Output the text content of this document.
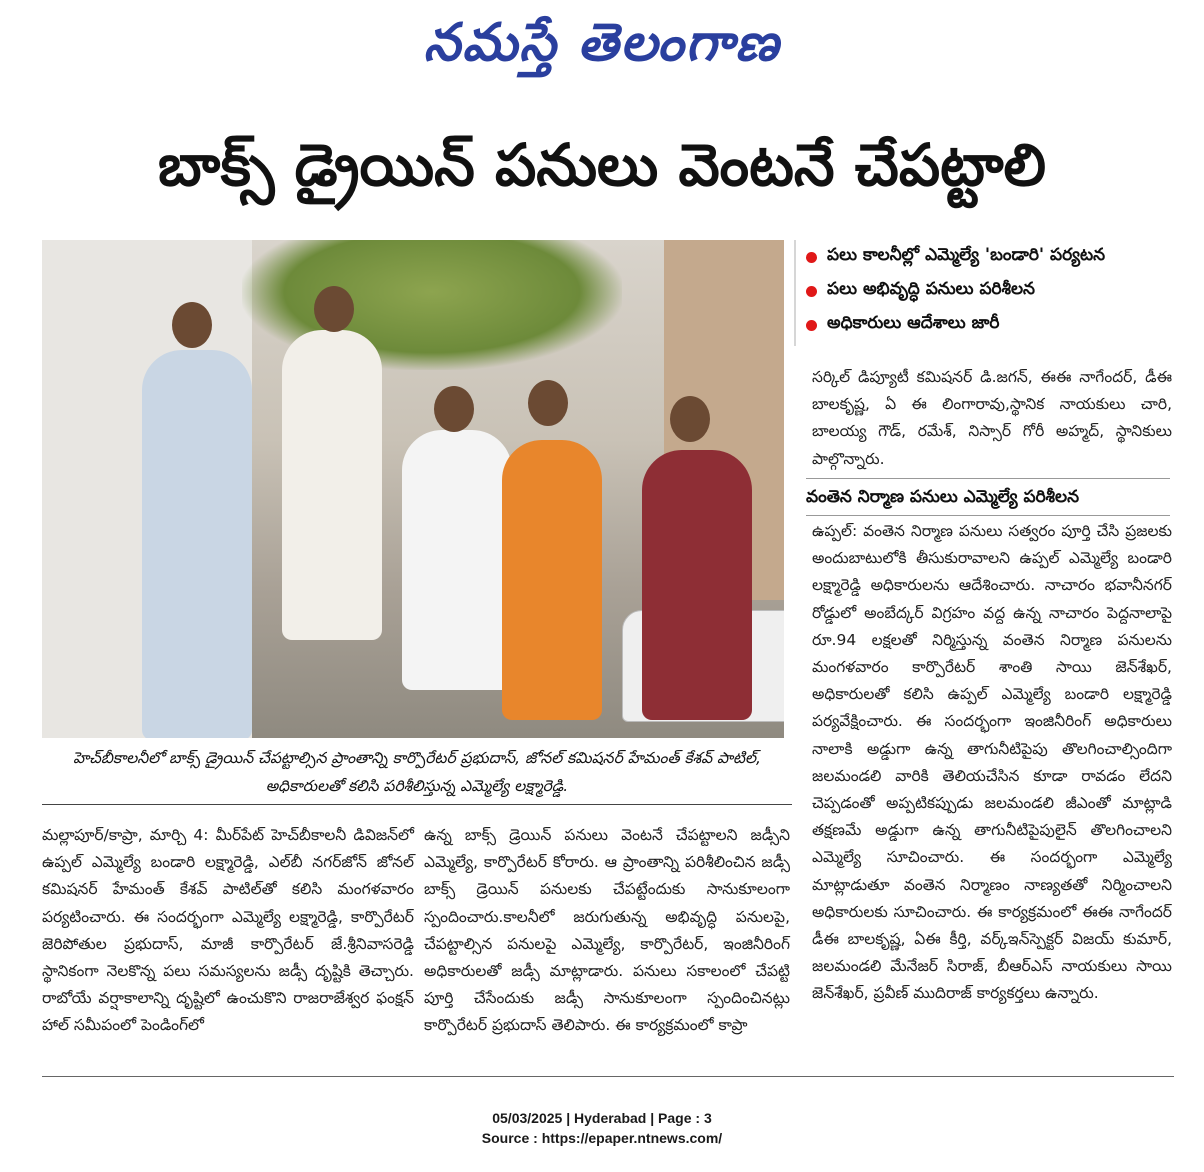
నమస్తే తెలంగాణ
బాక్స్ డ్రైయిన్ పనులు వెంటనే చేపట్టాలి
పలు కాలనీల్లో ఎమ్మెల్యే 'బండారి' పర్యటన
పలు అభివృద్ధి పనులు పరిశీలన
అధికారులు ఆదేశాలు జారీ
సర్కిల్ డిప్యూటీ కమిషనర్ డి.జగన్, ఈఈ నాగేందర్, డీఈ బాలకృష్ణ, ఏ ఈ లింగారావు,స్థానిక నాయకులు చారి, బాలయ్య గౌడ్, రమేశ్, నిస్సార్ గోరీ అహ్మద్, స్థానికులు పాల్గొన్నారు.
వంతెన నిర్మాణ పనులు ఎమ్మెల్యే పరిశీలన
ఉప్పల్: వంతెన నిర్మాణ పనులు సత్వరం పూర్తి చేసి ప్రజలకు అందుబాటులోకి తీసుకురావాలని ఉప్పల్ ఎమ్మెల్యే బండారి లక్ష్మారెడ్డి అధికారులను ఆదేశించారు. నాచారం భవానీనగర్ రోడ్డులో అంబేద్కర్ విగ్రహం వద్ద ఉన్న నాచారం పెద్దనాలాపై రూ.94 లక్షలతో నిర్మిస్తున్న వంతెన నిర్మాణ పనులను మంగళవారం కార్పొరేటర్ శాంతి సాయి జెన్‌శేఖర్, అధికారులతో కలిసి ఉప్పల్ ఎమ్మెల్యే బండారి లక్ష్మారెడ్డి పర్యవేక్షించారు. ఈ సందర్భంగా ఇంజినీరింగ్ అధికారులు నాలాకి అడ్డుగా ఉన్న తాగునీటిపైపు తొలగించాల్సిందిగా జలమండలి వారికి తెలియచేసిన కూడా రావడం లేదని చెప్పడంతో అప్పటికప్పుడు జలమండలి జీఎంతో మాట్లాడి తక్షణమే అడ్డుగా ఉన్న తాగునీటిపైపులైన్ తొలగించాలని ఎమ్మెల్యే సూచించారు. ఈ సందర్భంగా ఎమ్మెల్యే మాట్లాడుతూ వంతెన నిర్మాణం నాణ్యతతో నిర్మించాలని అధికారులకు సూచించారు. ఈ కార్యక్రమంలో ఈఈ నాగేందర్ డీఈ బాలకృష్ణ, ఏఈ కీర్తి, వర్క్ఇన్‌స్పెక్టర్ విజయ్ కుమార్, జలమండలి మేనేజర్ సిరాజ్, బీఆర్ఎస్ నాయకులు సాయి జెన్‌శేఖర్, ప్రవీణ్ ముదిరాజ్ కార్యకర్తలు ఉన్నారు.
హెచ్‌బీకాలనీలో బాక్స్ డ్రైయిన్ చేపట్టాల్సిన ప్రాంతాన్ని కార్పొరేటర్ ప్రభుదాస్, జోనల్ కమిషనర్ హేమంత్ కేశవ్ పాటిల్, అధికారులతో కలిసి పరిశీలిస్తున్న ఎమ్మెల్యే లక్ష్మారెడ్డి.
మల్లాపూర్/కాప్రా, మార్చి 4: మీర్‌పేట్ హెచ్‌బీకాలనీ డివిజన్‌లో ఉప్పల్ ఎమ్మెల్యే బండారి లక్ష్మారెడ్డి, ఎల్‌బీ నగర్‌జోన్ జోనల్ కమిషనర్ హేమంత్ కేశవ్ పాటిల్‌తో కలిసి మంగళవారం పర్యటించారు. ఈ సందర్భంగా ఎమ్మెల్యే లక్ష్మారెడ్డి, కార్పొరేటర్ జెరిపోతుల ప్రభుదాస్, మాజీ కార్పొరేటర్ జే.శ్రీనివాసరెడ్డి స్థానికంగా నెలకొన్న పలు సమస్యలను జడ్సీ దృష్టికి తెచ్చారు. రాబోయే వర్షాకాలాన్ని దృష్టిలో ఉంచుకొని రాజరాజేశ్వర ఫంక్షన్ హాల్ సమీపంలో పెండింగ్‌లో
ఉన్న బాక్స్ డ్రెయిన్ పనులు వెంటనే చేపట్టాలని జడ్సీని ఎమ్మెల్యే, కార్పొరేటర్ కోరారు. ఆ ప్రాంతాన్ని పరిశీలించిన జడ్సీ బాక్స్ డ్రెయిన్ పనులకు చేపట్టేందుకు సానుకూలంగా స్పందించారు.కాలనీలో జరుగుతున్న అభివృద్ధి పనులపై, చేపట్టాల్సిన పనులపై ఎమ్మెల్యే, కార్పొరేటర్, ఇంజినీరింగ్ అధికారులతో జడ్సీ మాట్లాడారు. పనులు సకాలంలో చేపట్టి పూర్తి చేసేందుకు జడ్సీ సానుకూలంగా స్పందించినట్లు కార్పొరేటర్ ప్రభుదాస్ తెలిపారు. ఈ కార్యక్రమంలో కాప్రా
05/03/2025 | Hyderabad | Page : 3
Source : https://epaper.ntnews.com/
